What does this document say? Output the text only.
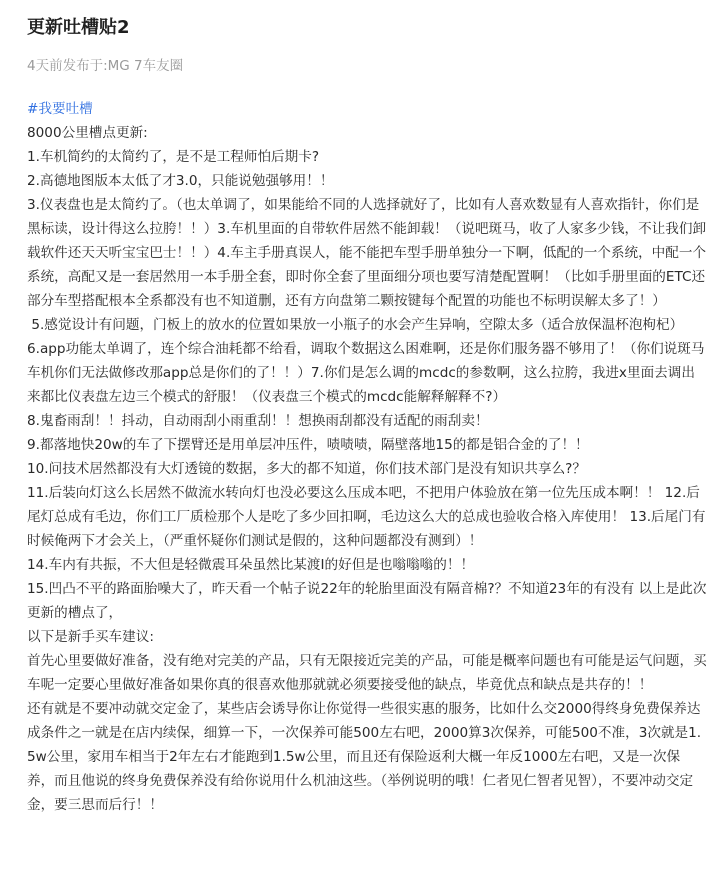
更新吐槽贴2
4天前发布于: MG 7车友圈
#我要吐槽

8000公里槽点更新:

1.车机简约的太简约了，是不是工程师怕后期卡?

2.高德地图版本太低了才3.0，只能说勉强够用！！

3.仪表盘也是太简约了。（也太单调了，如果能给不同的人选择就好了，比如有人喜欢数显有人喜欢指针，你们是黑标读，设计得这么拉胯！！）3.车机里面的自带软件居然不能卸载！（说吧斑马，收了人家多少钱，不让我们卸载软件还天天听宝宝巴士！！）4.车主手册真误人，能不能把车型手册单独分一下啊，低配的一个系统，中配一个系统，高配又是一套居然用一本手册全套，即时你全套了里面细分项也要写清楚配置啊！（比如手册里面的ETC还部分车型搭配根本全系都没有也不知道删，还有方向盘第二颗按键每个配置的功能也不标明误解太多了！）

5.感觉设计有问题，门板上的放水的位置如果放一小瓶子的水会产生异响，空隙太多（适合放保温杯泡枸杞）

6.app功能太单调了，连个综合油耗都不给看，调取个数据这么困难啊，还是你们服务器不够用了！（你们说斑马车机你们无法做修改那app总是你们的了！！）7.你们是怎么调的mcdc的参数啊，这么拉胯，我进x里面去调出来都比仪表盘左边三个模式的舒服！（仪表盘三个模式的mcdc能解释解释不?）

8.鬼畜雨刮！！抖动，自动雨刮小雨重刮！！想换雨刮都没有适配的雨刮卖！

9.都落地快20w的车了下摆臂还是用单层冲压件，啧啧啧，隔壁落地15的都是铝合金的了！！

10.问技术居然都没有大灯透镜的数据，多大的都不知道，你们技术部门是没有知识共享么?？

11.后装向灯这么长居然不做流水转向灯也没必要这么压成本吧，不把用户体验放在第一位先压成本啊！！ 12.后尾灯总成有毛边，你们工厂质检那个人是吃了多少回扣啊，毛边这么大的总成也验收合格入库使用！ 13.后尾门有时候俺两下才会关上，（严重怀疑你们测试是假的，这种问题都没有测到）！

14.车内有共振，不大但是轻微震耳朵虽然比某渡I的好但是也嗡嗡嗡的！！

15.凹凸不平的路面胎噪大了，昨天看一个帖子说22年的轮胎里面没有隔音棉?？不知道23年的有没有 以上是此次更新的槽点了，

以下是新手买车建议:

首先心里要做好准备，没有绝对完美的产品，只有无限接近完美的产品，可能是概率问题也有可能是运气问题，买车呢一定要心里做好准备如果你真的很喜欢他那就就必须要接受他的缺点，毕竟优点和缺点是共存的！！

还有就是不要冲动就交定金了，某些店会诱导你让你觉得一些很实惠的服务，比如什么交2000得终身免费保养达成条件之一就是在店内续保，细算一下，一次保养可能500左右吧，2000算3次保养，可能500不准，3次就是1.5w公里，家用车相当于2年左右才能跑到1.5w公里，而且还有保险返利大概一年反1000左右吧，又是一次保养，而且他说的终身免费保养没有给你说用什么机油这些。（举例说明的哦！仁者见仁智者见智），不要冲动交定金，要三思而后行！！
